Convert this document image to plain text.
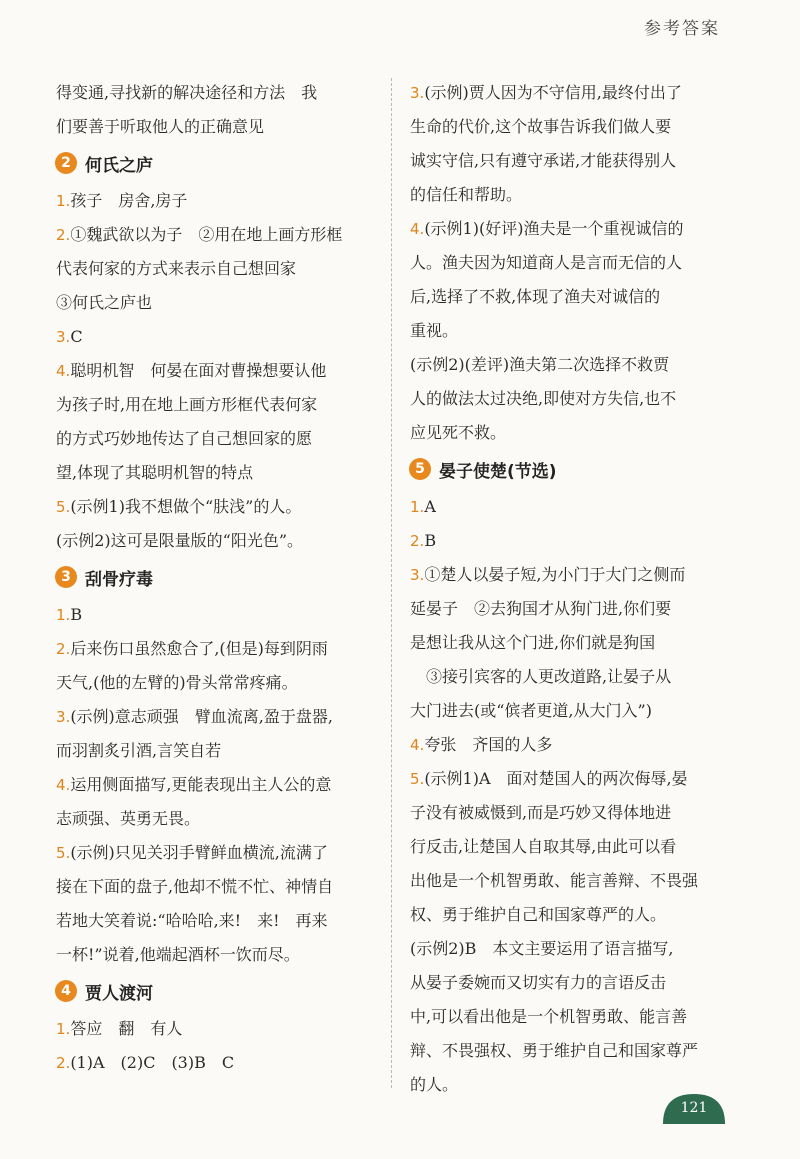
参考答案

得变通,寻找新的解决途径和方法　我

们要善于听取他人的正确意见

2 何氏之庐

1.孩子　房舍,房子

2.①魏武欲以为子　②用在地上画方形框

代表何家的方式来表示自己想回家

③何氏之庐也

3.C

4.聪明机智　何晏在面对曹操想要认他

为孩子时,用在地上画方形框代表何家

的方式巧妙地传达了自己想回家的愿

望,体现了其聪明机智的特点

5.(示例1)我不想做个“肤浅”的人。

(示例2)这可是限量版的“阳光色”。

3 刮骨疗毒

1.B

2.后来伤口虽然愈合了,(但是)每到阴雨

天气,(他的左臂的)骨头常常疼痛。

3.(示例)意志顽强　臂血流离,盈于盘器,

而羽割炙引酒,言笑自若

4.运用侧面描写,更能表现出主人公的意

志顽强、英勇无畏。

5.(示例)只见关羽手臂鲜血横流,流满了

接在下面的盘子,他却不慌不忙、神情自

若地大笑着说:“哈哈哈,来!　来!　再来

一杯!”说着,他端起酒杯一饮而尽。

4 贾人渡河

1.答应　翻　有人

2.(1)A　(2)C　(3)B　C

3.(示例)贾人因为不守信用,最终付出了

生命的代价,这个故事告诉我们做人要

诚实守信,只有遵守承诺,才能获得别人

的信任和帮助。

4.(示例1)(好评)渔夫是一个重视诚信的

人。渔夫因为知道商人是言而无信的人

后,选择了不救,体现了渔夫对诚信的

重视。

(示例2)(差评)渔夫第二次选择不救贾

人的做法太过决绝,即使对方失信,也不

应见死不救。

5 晏子使楚(节选)

1.A

2.B

3.①楚人以晏子短,为小门于大门之侧而

延晏子　②去狗国才从狗门进,你们要

是想让我从这个门进,你们就是狗国

　③接引宾客的人更改道路,让晏子从

大门进去(或“傧者更道,从大门入”)

4.夸张　齐国的人多

5.(示例1)A　面对楚国人的两次侮辱,晏

子没有被威慑到,而是巧妙又得体地进

行反击,让楚国人自取其辱,由此可以看

出他是一个机智勇敢、能言善辩、不畏强

权、勇于维护自己和国家尊严的人。

(示例2)B　本文主要运用了语言描写,

从晏子委婉而又切实有力的言语反击

中,可以看出他是一个机智勇敢、能言善

辩、不畏强权、勇于维护自己和国家尊严

的人。

121
